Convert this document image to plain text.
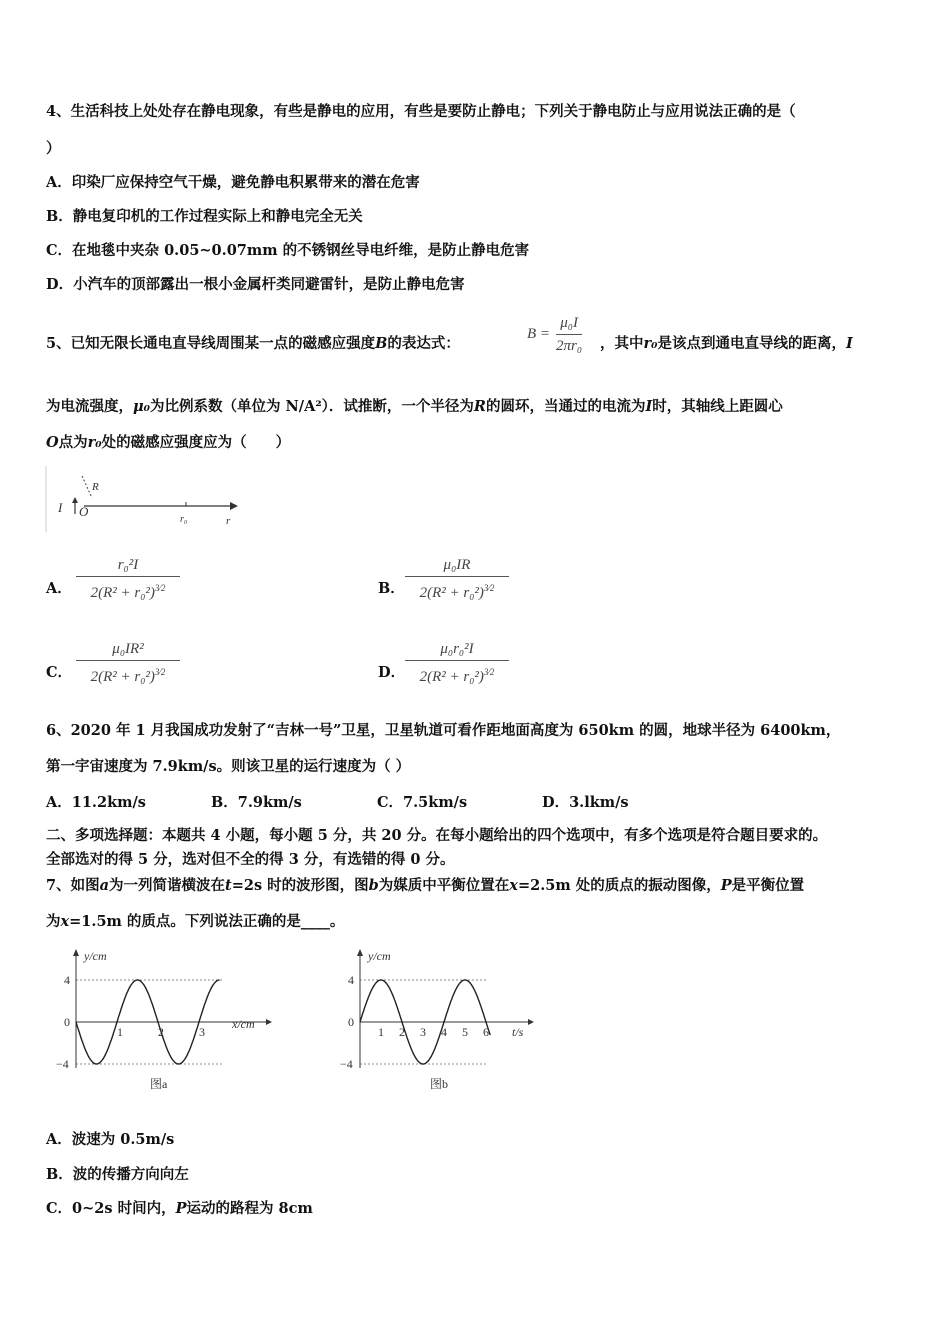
4、生活科技上处处存在静电现象，有些是静电的应用，有些是要防止静电；下列关于静电防止与应用说法正确的是（
）
A．印染厂应保持空气干燥，避免静电积累带来的潜在危害
B．静电复印机的工作过程实际上和静电完全无关
C．在地毯中夹杂 0.05~0.07mm 的不锈钢丝导电纤维，是防止静电危害
D．小汽车的顶部露出一根小金属杆类同避雷针，是防止静电危害
5、已知无限长通电直导线周围某一点的磁感应强度B的表达式：
$B = \frac{\text{μ₀I}}{\text{2πr₀}}$ ，其中r₀是该点到通电直导线的距离，I
为电流强度，μ₀为比例系数（单位为 N/A²）．试推断，一个半径为R的圆环，当通过的电流为I时，其轴线上距圆心
O点为r₀处的磁感应强度应为（　　）
I O
R
r₀	r
A．
r₀²I
$2(R^2 + r_0^2)^{3⁄2}$	B．
μ₀IR
$2(R^2 + r_0^2)^{3⁄2}$
C．
μ₀IR²
$2(R^2 + r_0^2)^{3⁄2}$	D．
μ₀r₀²I
$2(R^2 + r_0^2)^{3⁄2}$
6、2020 年 1 月我国成功发射了“吉林一号”卫星，卫星轨道可看作距地面高度为 650km 的圆，地球半径为 6400km，
第一宇宙速度为 7.9km/s。则该卫星的运行速度为（ ）
A．11.2km/s	B．7.9km/s	C．7.5km/s	D．3.lkm/s
二、多项选择题：本题共 4 小题，每小题 5 分，共 20 分。在每小题给出的四个选项中，有多个选项是符合题目要求的。
全部选对的得 5 分，选对但不全的得 3 分，有选错的得 0 分。
7、如图a为一列简谐横波在t=2s 时的波形图，图b为媒质中平衡位置在x=2.5m 处的质点的振动图像，P是平衡位置
为x=1.5m 的质点。下列说法正确的是____。
y/cm
x/cm
4
0
−4
1	2	3
图a
y/cm
t/s
4
0
−4
1 2 3 4 5 6
图b
A．波速为 0.5m/s
B．波的传播方向向左
C．0~2s 时间内，P运动的路程为 8cm
